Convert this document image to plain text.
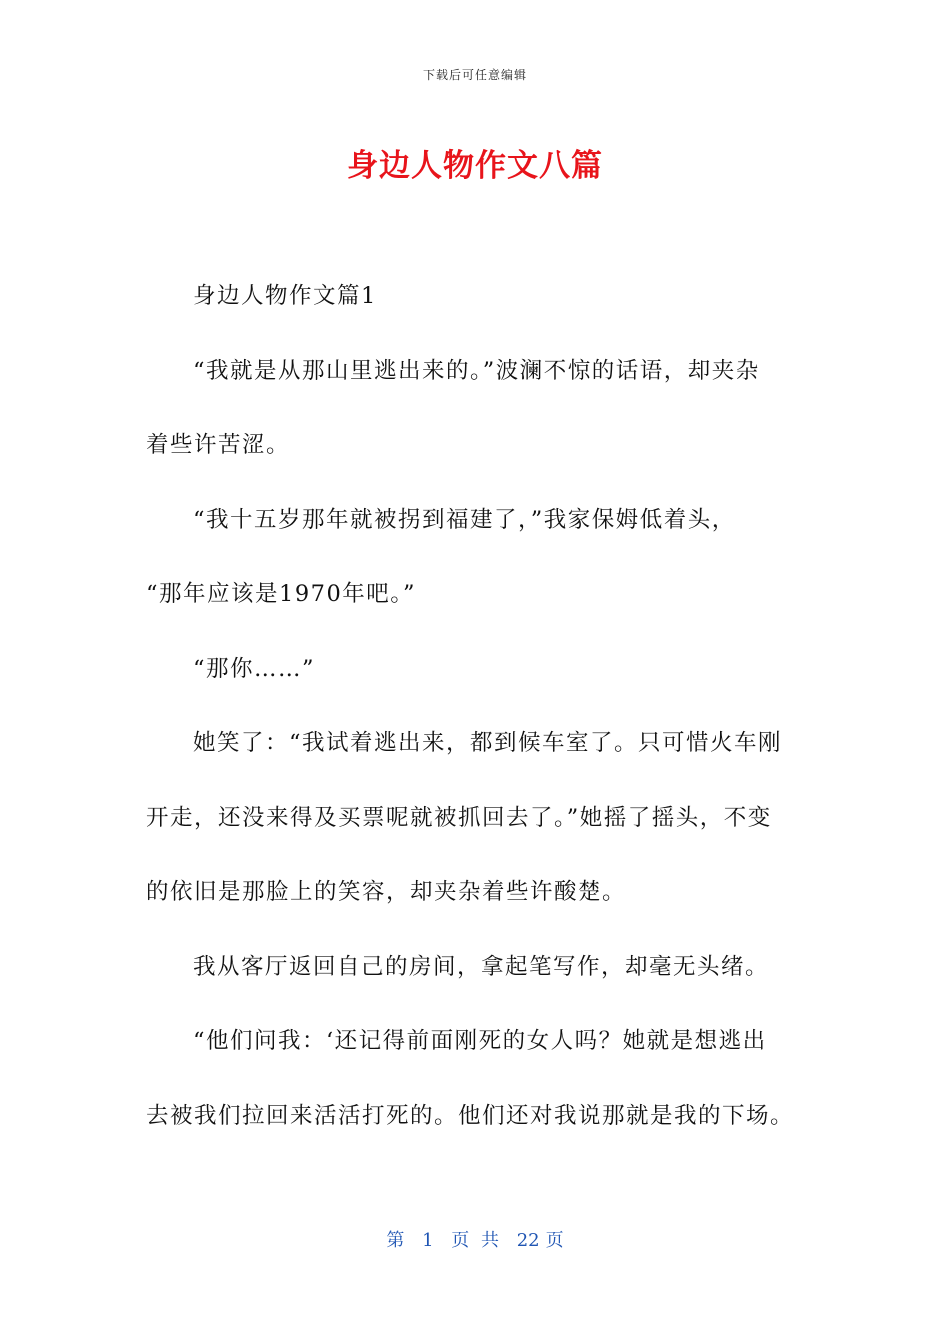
下载后可任意编辑
身边人物作文八篇
身边人物作文篇1
“我就是从那山里逃出来的。”波澜不惊的话语，却夹杂
着些许苦涩。
“我十五岁那年就被拐到福建了，”我家保姆低着头，
“那年应该是1970年吧。”
“那你……”
她笑了：“我试着逃出来，都到候车室了。只可惜火车刚
开走，还没来得及买票呢就被抓回去了。”她摇了摇头，不变
的依旧是那脸上的笑容，却夹杂着些许酸楚。
我从客厅返回自己的房间，拿起笔写作，却毫无头绪。
“他们问我：‘还记得前面刚死的女人吗？她就是想逃出
去被我们拉回来活活打死的。他们还对我说那就是我的下场。
第 1 页 共 22 页
